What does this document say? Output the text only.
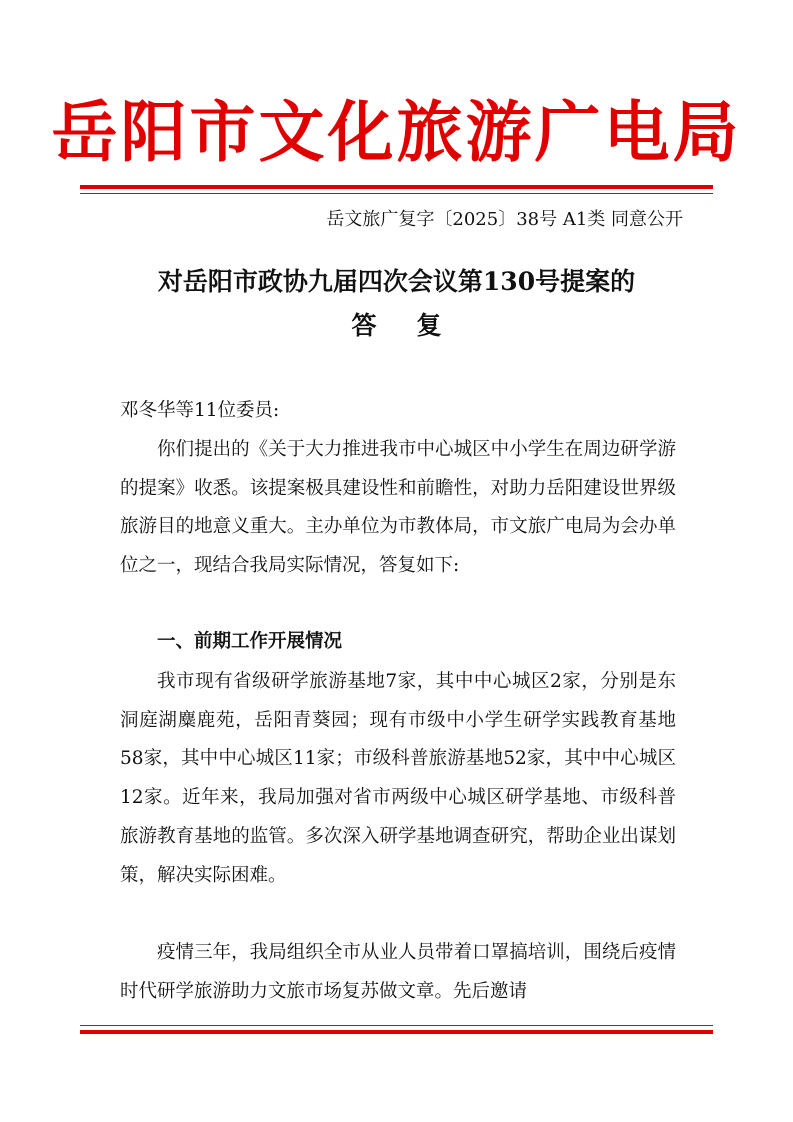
岳阳市文化旅游广电局
岳文旅广复字〔2025〕38号 A1类 同意公开
对岳阳市政协九届四次会议第130号提案的
答复

邓冬华等11位委员:

你们提出的《关于大力推进我市中心城区中小学生在周边研学游的提案》收悉。该提案极具建设性和前瞻性，对助力岳阳建设世界级旅游目的地意义重大。主办单位为市教体局，市文旅广电局为会办单位之一，现结合我局实际情况，答复如下:

一、前期工作开展情况

我市现有省级研学旅游基地7家，其中中心城区2家，分别是东洞庭湖麋鹿苑，岳阳青葵园；现有市级中小学生研学实践教育基地58家，其中中心城区11家；市级科普旅游基地52家，其中中心城区12家。近年来，我局加强对省市两级中心城区研学基地、市级科普旅游教育基地的监管。多次深入研学基地调查研究，帮助企业出谋划策，解决实际困难。

疫情三年，我局组织全市从业人员带着口罩搞培训，围绕后疫情时代研学旅游助力文旅市场复苏做文章。先后邀请
